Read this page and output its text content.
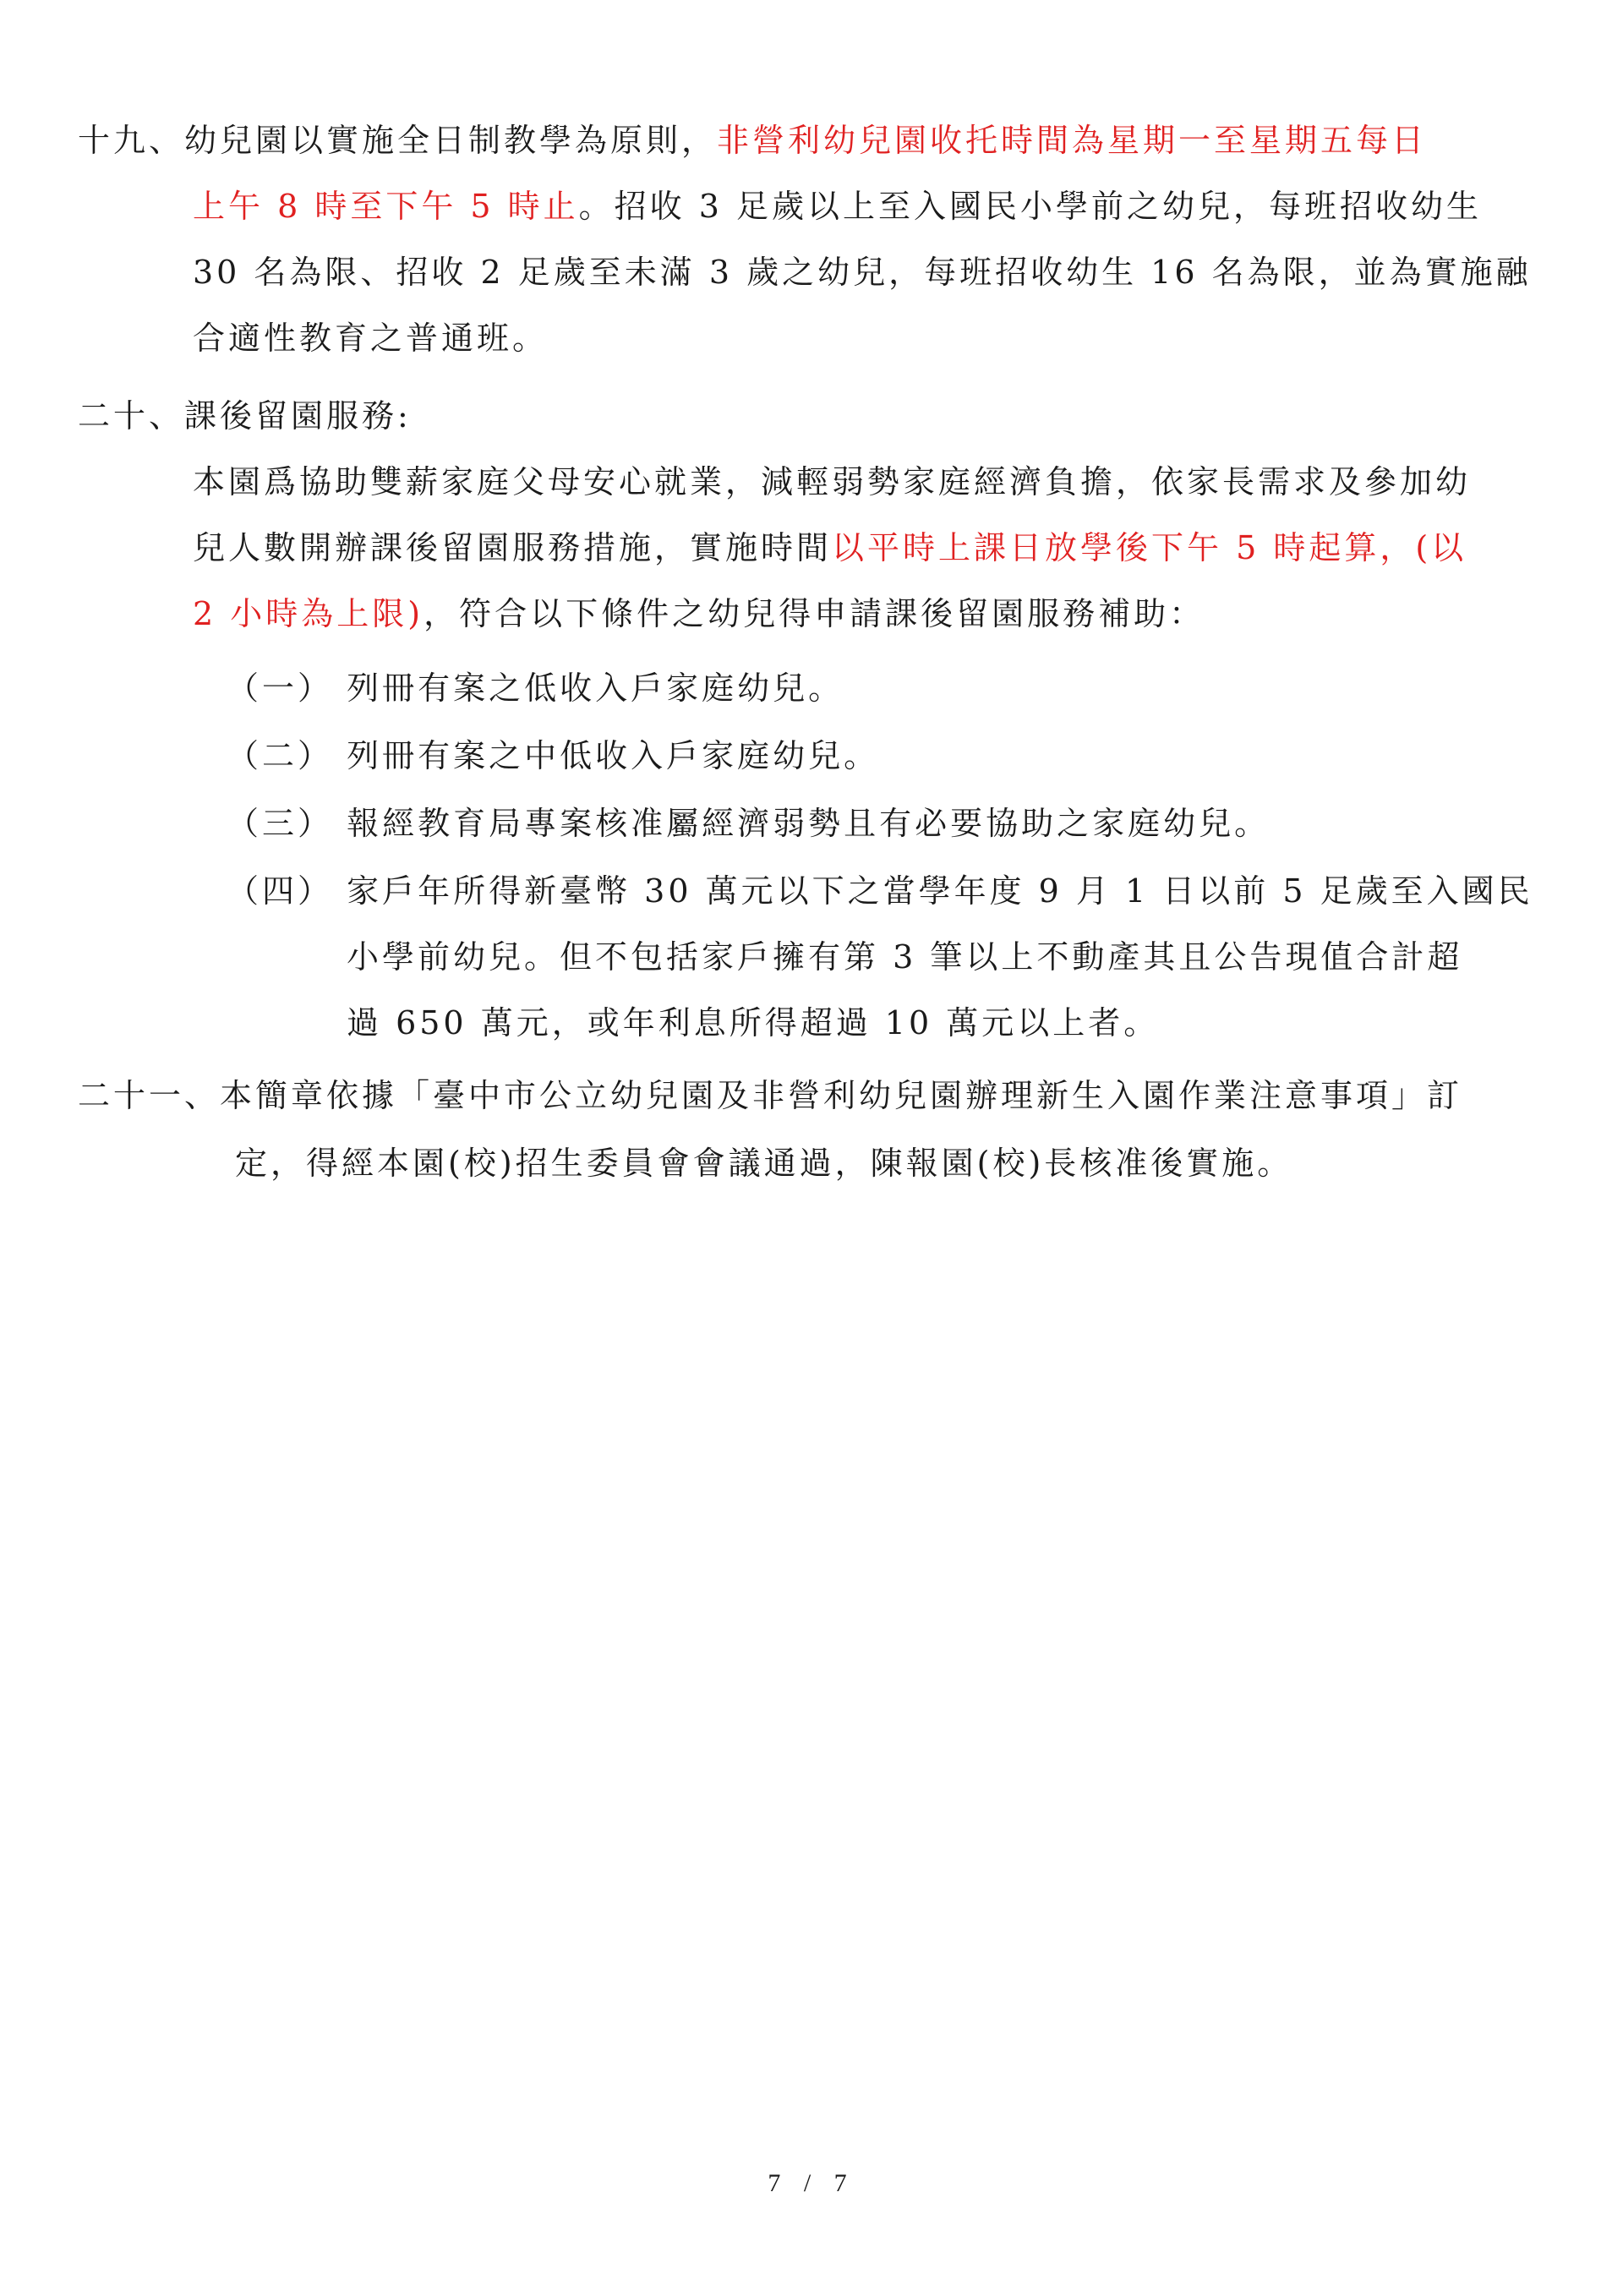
十九、幼兒園以實施全日制教學為原則，非營利幼兒園收托時間為星期一至星期五每日
上午 8 時至下午 5 時止。招收 3 足歲以上至入國民小學前之幼兒，每班招收幼生
30 名為限、招收 2 足歲至未滿 3 歲之幼兒，每班招收幼生 16 名為限，並為實施融
合適性教育之普通班。
二十、課後留園服務:
本園爲協助雙薪家庭父母安心就業，減輕弱勢家庭經濟負擔，依家長需求及參加幼
兒人數開辦課後留園服務措施，實施時間以平時上課日放學後下午 5 時起算，(以
2 小時為上限)，符合以下條件之幼兒得申請課後留園服務補助：
（一） 列冊有案之低收入戶家庭幼兒。
（二） 列冊有案之中低收入戶家庭幼兒。
（三） 報經教育局專案核准屬經濟弱勢且有必要協助之家庭幼兒。
（四） 家戶年所得新臺幣 30 萬元以下之當學年度 9 月 1 日以前 5 足歲至入國民
小學前幼兒。但不包括家戶擁有第 3 筆以上不動產其且公告現值合計超
過 650 萬元，或年利息所得超過 10 萬元以上者。
二十一、本簡章依據「臺中市公立幼兒園及非營利幼兒園辦理新生入園作業注意事項」訂
定，得經本園(校)招生委員會會議通過，陳報園(校)長核准後實施。
7 / 7
